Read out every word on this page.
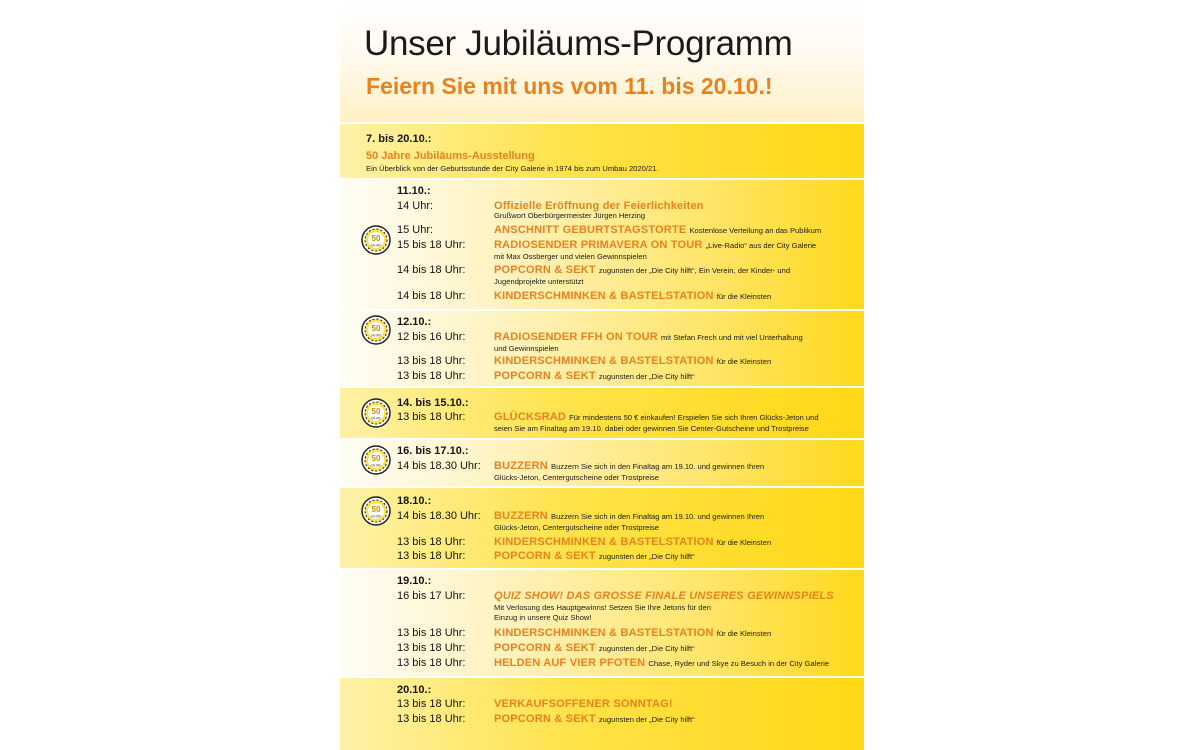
Unser Jubiläums-Programm
Feiern Sie mit uns vom 11. bis 20.10.!
7. bis 20.10.:
50 Jahre Jubiläums-Ausstellung
Ein Überblick von der Geburtsstunde der City Galerie in 1974 bis zum Umbau 2020/21.
11.10.:
14 Uhr:	Offizielle Eröffnung der Feierlichkeiten
Grußwort Oberbürgermeister Jürgen Herzing
15 Uhr:	ANSCHNITT GEBURTSTAGSTORTE Kostenlose Verteilung an das Publikum
15 bis 18 Uhr:	RADIOSENDER PRIMAVERA ON TOUR „Live-Radio“ aus der City Galerie
mit Max Ossberger und vielen Gewinnspielen
14 bis 18 Uhr:	POPCORN & SEKT zugunsten der „Die City hilft“, Ein Verein, der Kinder- und
Jugendprojekte unterstützt
14 bis 18 Uhr:	KINDERSCHMINKEN & BASTELSTATION für die Kleinsten
50
JAHRE
12.10.:
12 bis 16 Uhr:	RADIOSENDER FFH ON TOUR mit Stefan Frech und mit viel Unterhaltung
und Gewinnspielen
13 bis 18 Uhr:	KINDERSCHMINKEN & BASTELSTATION für die Kleinsten
13 bis 18 Uhr:	POPCORN & SEKT zugunsten der „Die City hilft“
50
JAHRE
14. bis 15.10.:
13 bis 18 Uhr:	GLÜCKSRAD Für mindestens 50 € einkaufen! Erspielen Sie sich Ihren Glücks-Jeton und
seien Sie am Finaltag am 19.10. dabei oder gewinnen Sie Center-Gutscheine und Trostpreise
50
JAHRE
16. bis 17.10.:
14 bis 18.30 Uhr:	BUZZERN Buzzern Sie sich in den Finaltag am 19.10. und gewinnen Ihren
Glücks-Jeton, Centergutscheine oder Trostpreise
50
JAHRE
18.10.:
14 bis 18.30 Uhr:	BUZZERN Buzzern Sie sich in den Finaltag am 19.10. und gewinnen Ihren
Glücks-Jeton, Centergutscheine oder Trostpreise
13 bis 18 Uhr:	KINDERSCHMINKEN & BASTELSTATION für die Kleinsten
13 bis 18 Uhr:	POPCORN & SEKT zugunsten der „Die City hilft“
50
JAHRE
19.10.:
16 bis 17 Uhr:	QUIZ SHOW! DAS GROSSE FINALE UNSERES GEWINNSPIELS
Mit Verlosung des Hauptgewinns! Setzen Sie Ihre Jetons für den Einzug in unsere Quiz Show!
13 bis 18 Uhr:	KINDERSCHMINKEN & BASTELSTATION für die Kleinsten
13 bis 18 Uhr:	POPCORN & SEKT zugunsten der „Die City hilft“
13 bis 18 Uhr:	HELDEN AUF VIER PFOTEN Chase, Ryder und Skye zu Besuch in der City Galerie
20.10.:
13 bis 18 Uhr:	VERKAUFSOFFENER SONNTAG!
13 bis 18 Uhr:	POPCORN & SEKT zugunsten der „Die City hilft“
